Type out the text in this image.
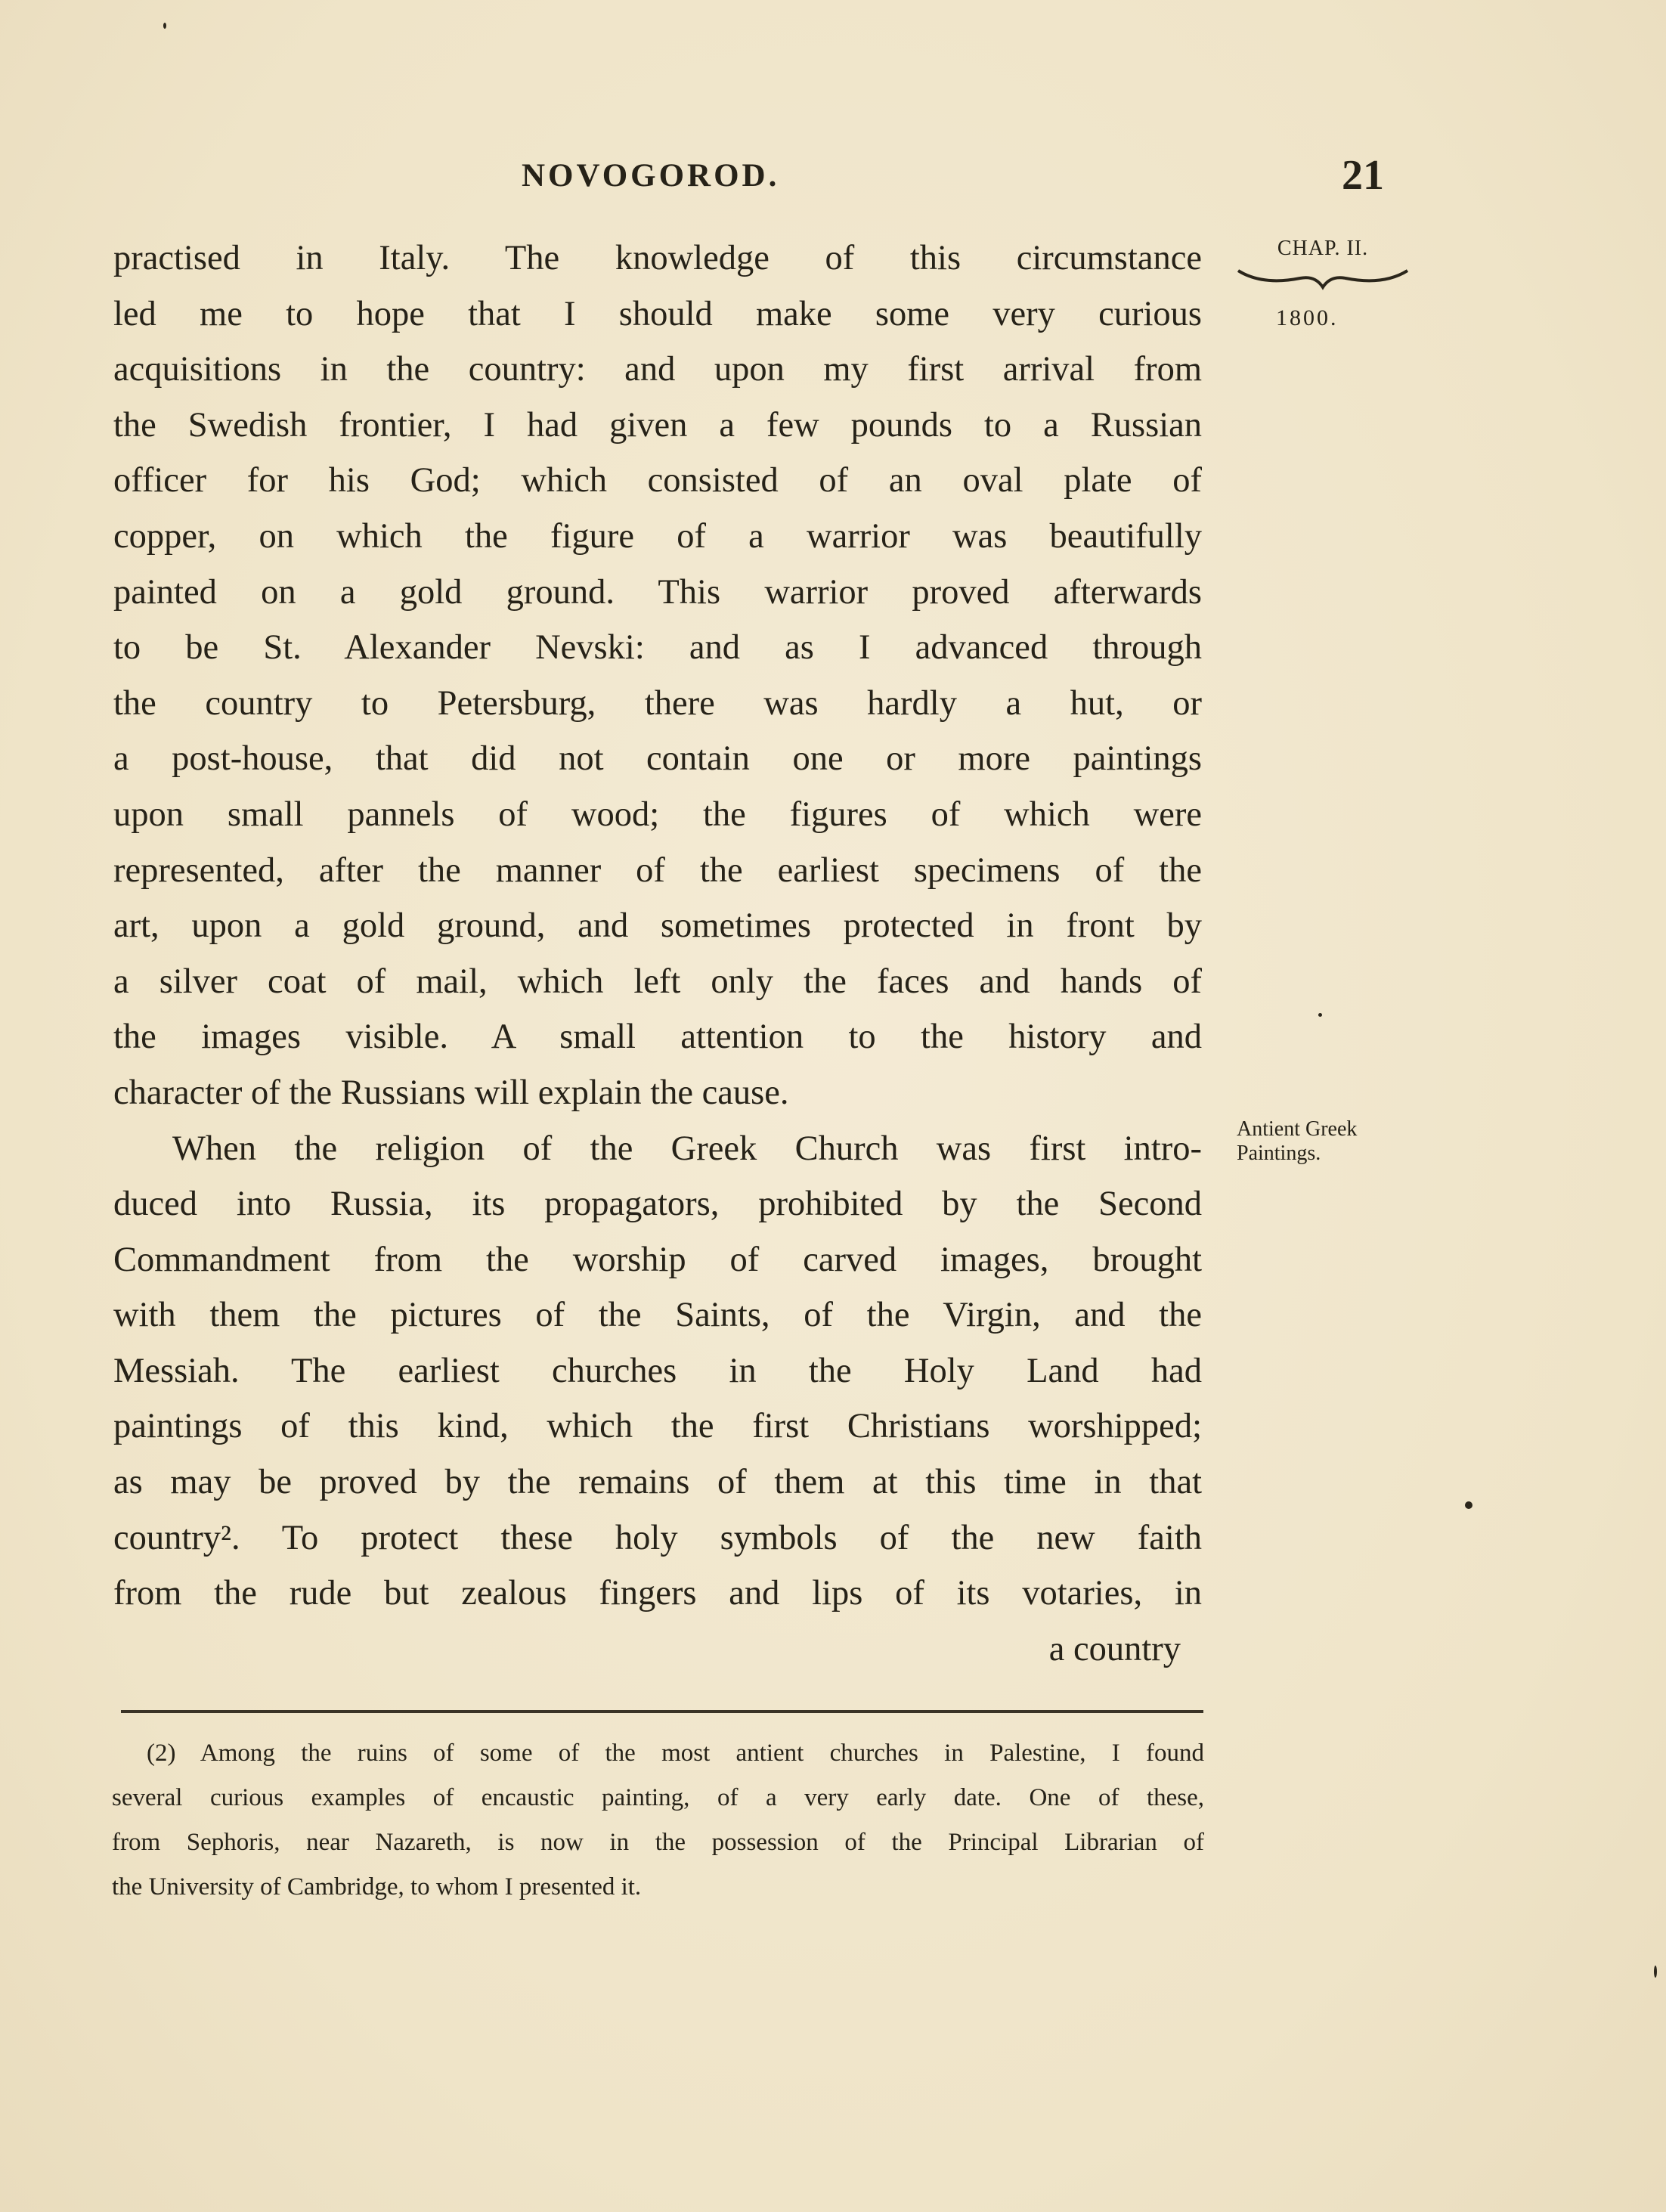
NOVOGOROD.	21
CHAP. II.
1800.
Antient Greek
Paintings.
practised in Italy. The knowledge of this circumstance
led me to hope that I should make some very curious
acquisitions in the country: and upon my first arrival from
the Swedish frontier, I had given a few pounds to a Russian
officer for his God; which consisted of an oval plate of
copper, on which the figure of a warrior was beautifully
painted on a gold ground. This warrior proved afterwards
to be St. Alexander Nevski: and as I advanced through
the country to Petersburg, there was hardly a hut, or
a post-house, that did not contain one or more paintings
upon small pannels of wood; the figures of which were
represented, after the manner of the earliest specimens of the
art, upon a gold ground, and sometimes protected in front by
a silver coat of mail, which left only the faces and hands of
the images visible. A small attention to the history and
character of the Russians will explain the cause.
When the religion of the Greek Church was first intro-
duced into Russia, its propagators, prohibited by the Second
Commandment from the worship of carved images, brought
with them the pictures of the Saints, of the Virgin, and the
Messiah. The earliest churches in the Holy Land had
paintings of this kind, which the first Christians worshipped;
as may be proved by the remains of them at this time in that
country². To protect these holy symbols of the new faith
from the rude but zealous fingers and lips of its votaries, in
a country
(2) Among the ruins of some of the most antient churches in Palestine, I found
several curious examples of encaustic painting, of a very early date. One of these,
from Sephoris, near Nazareth, is now in the possession of the Principal Librarian of
the University of Cambridge, to whom I presented it.
